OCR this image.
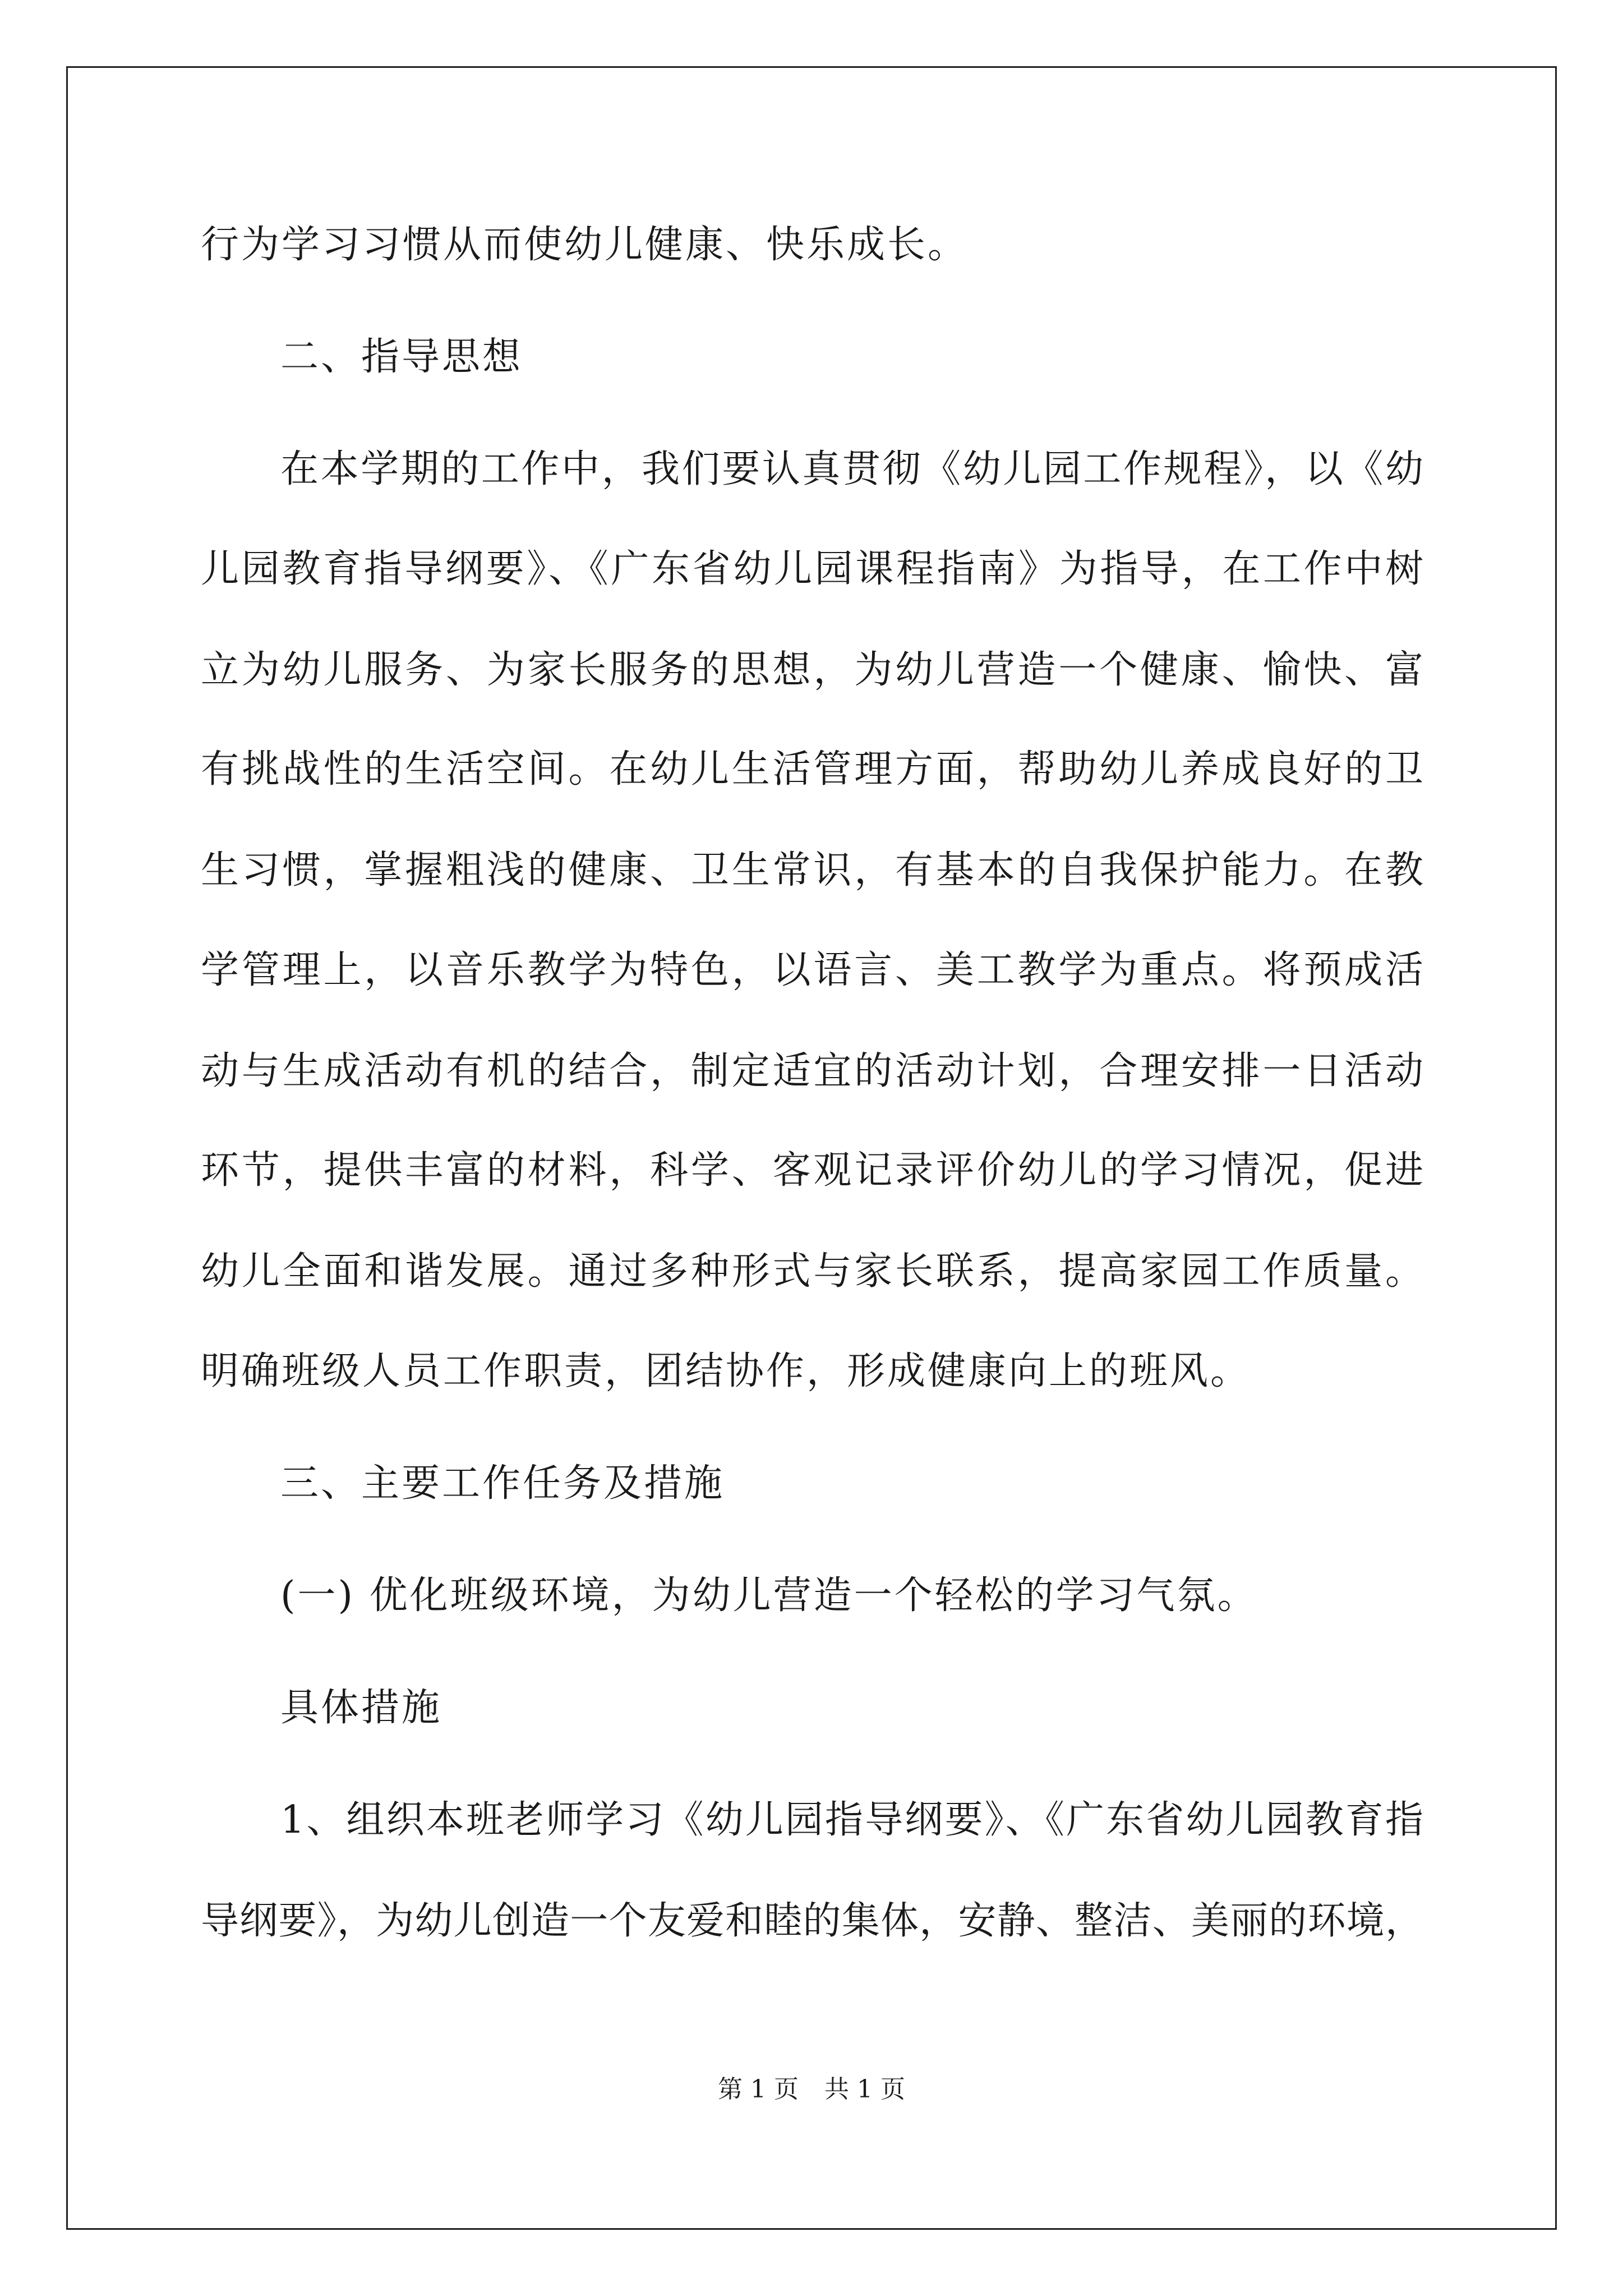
行为学习习惯从而使幼儿健康、快乐成长。
二、指导思想
在本学期的工作中，我们要认真贯彻《幼儿园工作规程》，以《幼
儿园教育指导纲要》、《广东省幼儿园课程指南》为指导，在工作中树
立为幼儿服务、为家长服务的思想，为幼儿营造一个健康、愉快、富
有挑战性的生活空间。在幼儿生活管理方面，帮助幼儿养成良好的卫
生习惯，掌握粗浅的健康、卫生常识，有基本的自我保护能力。在教
学管理上，以音乐教学为特色，以语言、美工教学为重点。将预成活
动与生成活动有机的结合，制定适宜的活动计划，合理安排一日活动
环节，提供丰富的材料，科学、客观记录评价幼儿的学习情况，促进
幼儿全面和谐发展。通过多种形式与家长联系，提高家园工作质量。
明确班级人员工作职责，团结协作，形成健康向上的班风。
三、主要工作任务及措施
(一) 优化班级环境，为幼儿营造一个轻松的学习气氛。
具体措施
1、组织本班老师学习《幼儿园指导纲要》、《广东省幼儿园教育指
导纲要》，为幼儿创造一个友爱和睦的集体，安静、整洁、美丽的环境，
第 1 页 共 1 页
